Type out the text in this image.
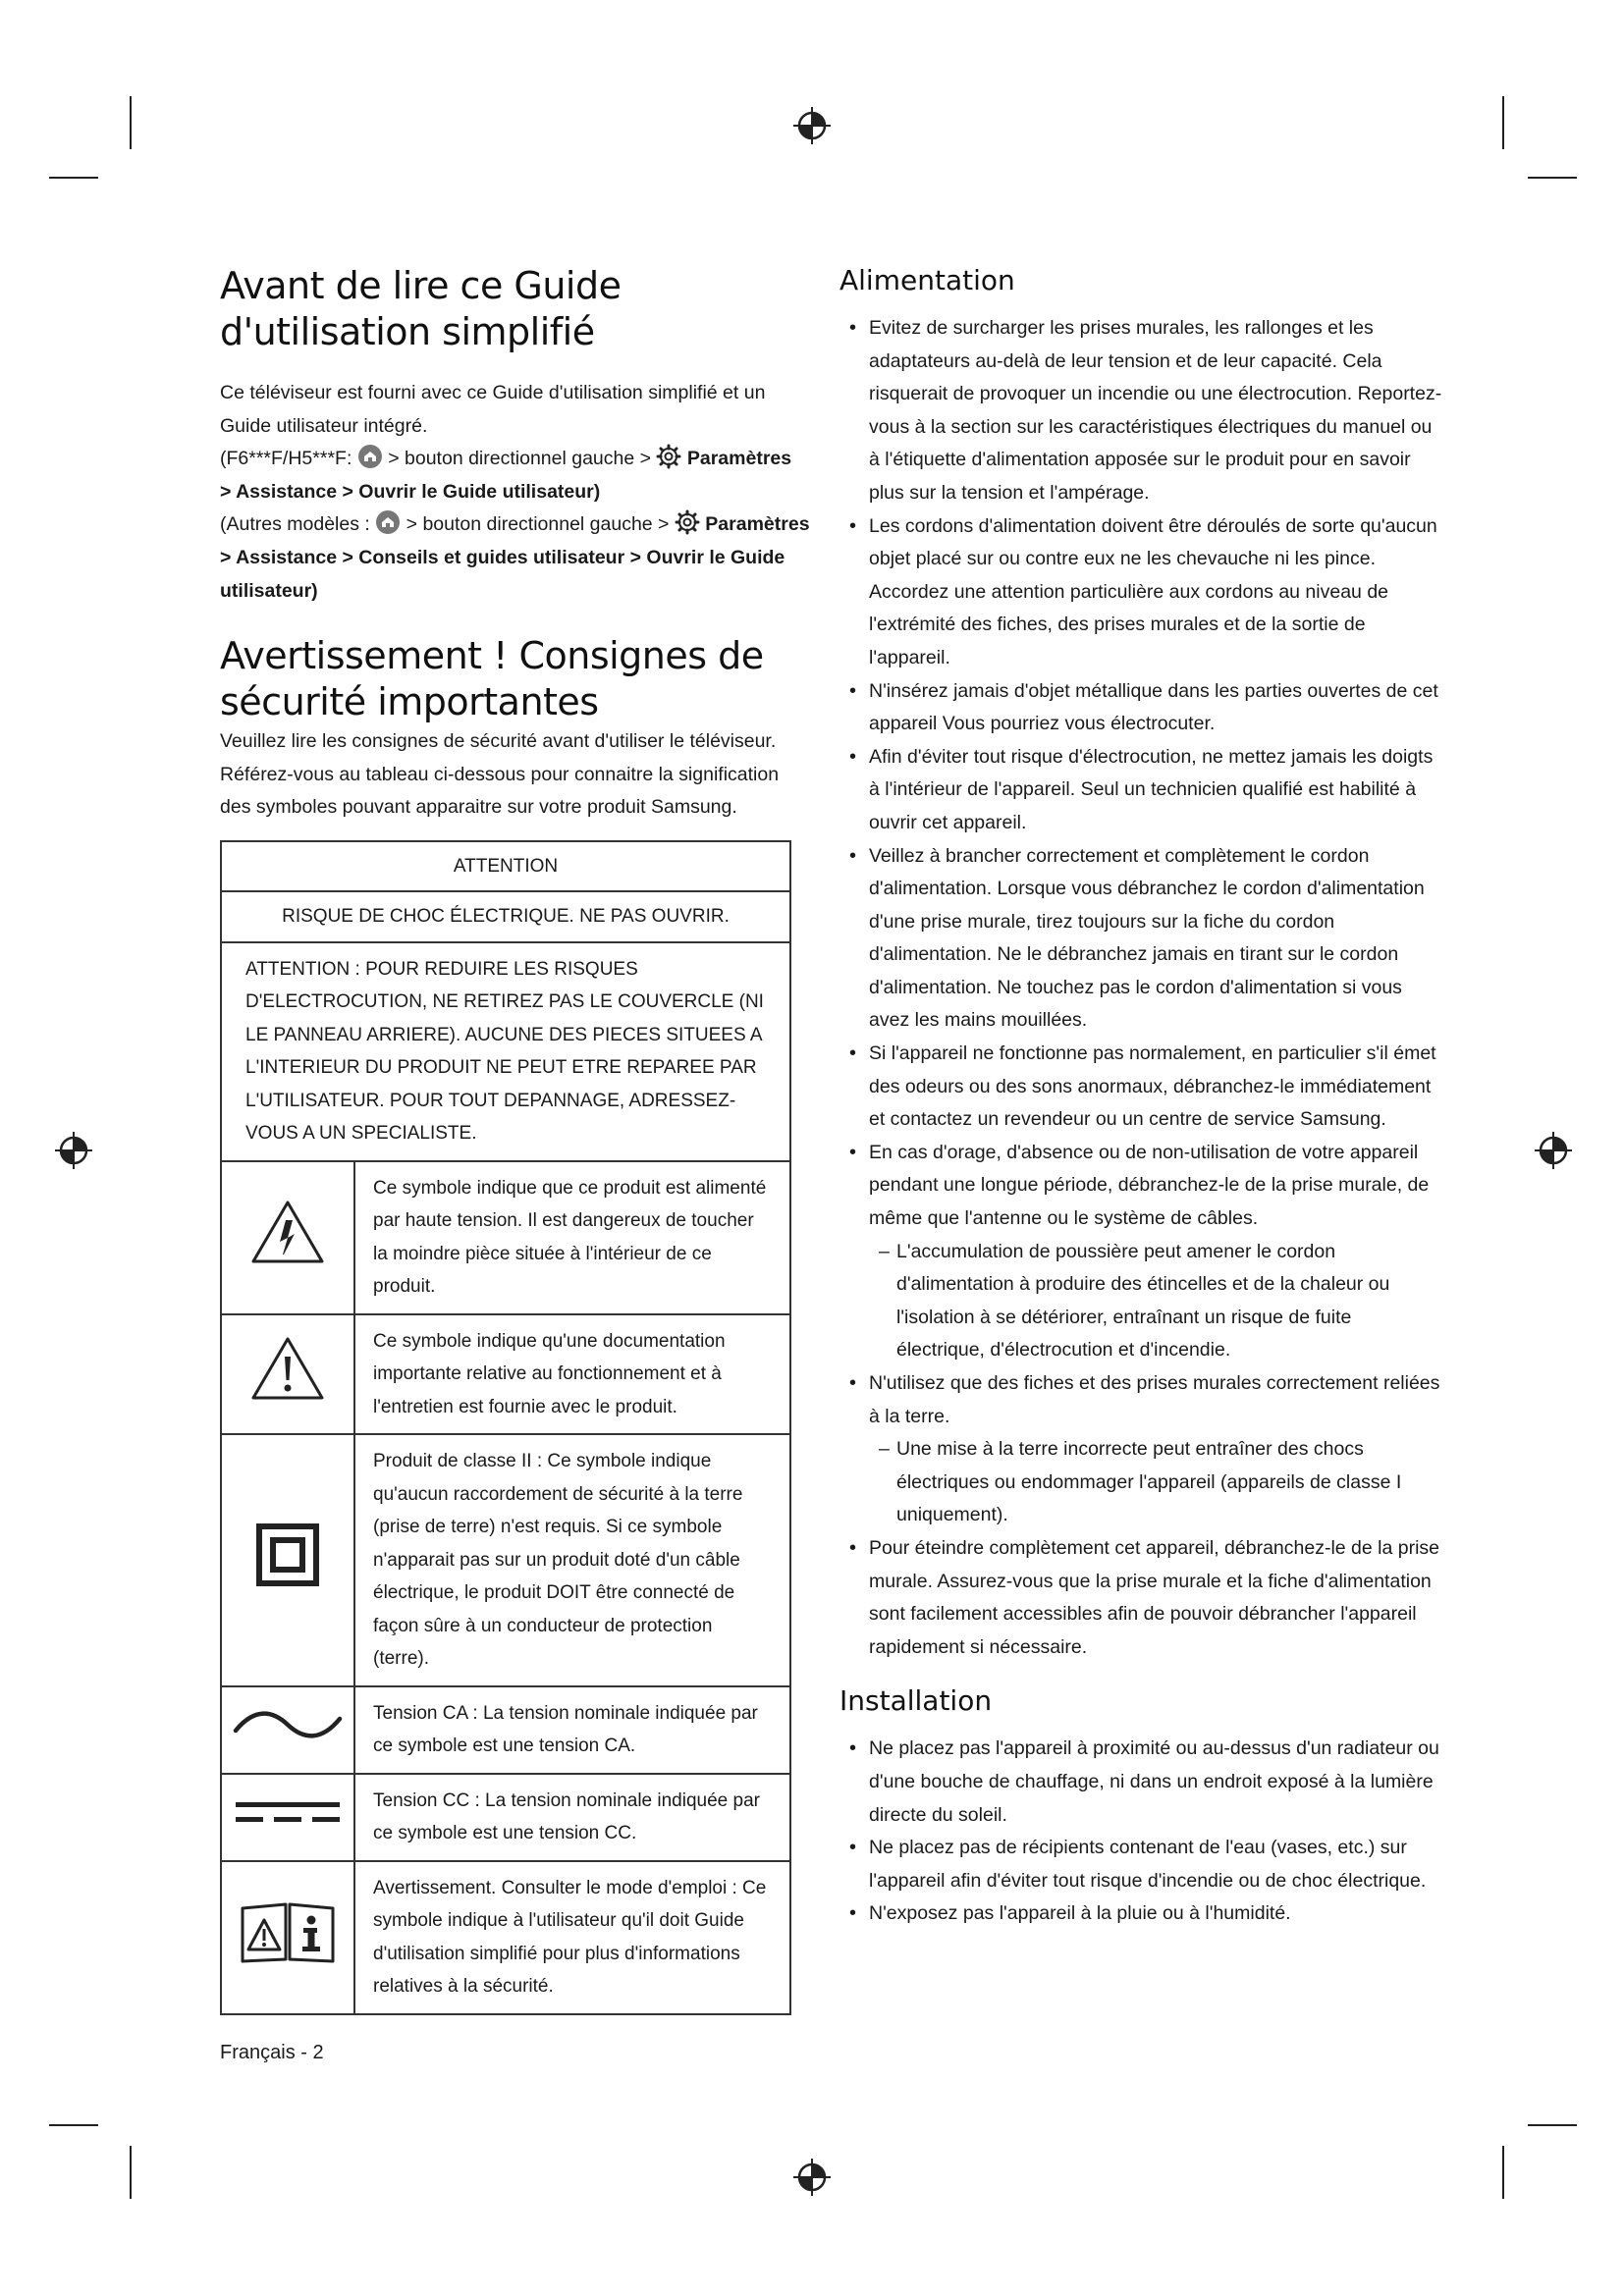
Avant de lire ce Guide d'utilisation simplifié
Ce téléviseur est fourni avec ce Guide d'utilisation simplifié et un
Guide utilisateur intégré.
(F6***F/H5***F:  > bouton directionnel gauche >  Paramètres
> Assistance > Ouvrir le Guide utilisateur)
(Autres modèles :  > bouton directionnel gauche >  Paramètres
> Assistance > Conseils et guides utilisateur > Ouvrir le Guide
utilisateur)
Avertissement ! Consignes de sécurité importantes

Veuillez lire les consignes de sécurité avant d'utiliser le téléviseur. Référez-vous au tableau ci-dessous pour connaitre la signification des symboles pouvant apparaitre sur votre produit Samsung.

ATTENTION	
RISQUE DE CHOC ÉLECTRIQUE. NE PAS OUVRIR.	
ATTENTION : POUR REDUIRE LES RISQUES D'ELECTROCUTION, NE RETIREZ PAS LE COUVERCLE (NI LE PANNEAU ARRIERE). AUCUNE DES PIECES SITUEES A L'INTERIEUR DU PRODUIT NE PEUT ETRE REPAREE PAR L'UTILISATEUR. POUR TOUT DEPANNAGE, ADRESSEZ-VOUS A UN SPECIALISTE.	
	Ce symbole indique que ce produit est alimenté par haute tension. Il est dangereux de toucher la moindre pièce située à l'intérieur de ce produit.
	Ce symbole indique qu'une documentation importante relative au fonctionnement et à l'entretien est fournie avec le produit.
	Produit de classe II : Ce symbole indique qu'aucun raccordement de sécurité à la terre (prise de terre) n'est requis. Si ce symbole n'apparait pas sur un produit doté d'un câble électrique, le produit DOIT être connecté de façon sûre à un conducteur de protection (terre).
	Tension CA : La tension nominale indiquée par ce symbole est une tension CA.
	Tension CC : La tension nominale indiquée par ce symbole est une tension CC.
	Avertissement. Consulter le mode d'emploi : Ce symbole indique à l'utilisateur qu'il doit Guide d'utilisation simplifié pour plus d'informations relatives à la sécurité.
Alimentation
• Evitez de surcharger les prises murales, les rallonges et les adaptateurs au-delà de leur tension et de leur capacité. Cela risquerait de provoquer un incendie ou une électrocution. Reportez-vous à la section sur les caractéristiques électriques du manuel ou à l'étiquette d'alimentation apposée sur le produit pour en savoir plus sur la tension et l'ampérage.
• Les cordons d'alimentation doivent être déroulés de sorte qu'aucun objet placé sur ou contre eux ne les chevauche ni les pince. Accordez une attention particulière aux cordons au niveau de l'extrémité des fiches, des prises murales et de la sortie de l'appareil.
• N'insérez jamais d'objet métallique dans les parties ouvertes de cet appareil Vous pourriez vous électrocuter.
• Afin d'éviter tout risque d'électrocution, ne mettez jamais les doigts à l'intérieur de l'appareil. Seul un technicien qualifié est habilité à ouvrir cet appareil.
• Veillez à brancher correctement et complètement le cordon d'alimentation. Lorsque vous débranchez le cordon d'alimentation d'une prise murale, tirez toujours sur la fiche du cordon d'alimentation. Ne le débranchez jamais en tirant sur le cordon d'alimentation. Ne touchez pas le cordon d'alimentation si vous avez les mains mouillées.
• Si l'appareil ne fonctionne pas normalement, en particulier s'il émet des odeurs ou des sons anormaux, débranchez-le immédiatement et contactez un revendeur ou un centre de service Samsung.
• En cas d'orage, d'absence ou de non-utilisation de votre appareil pendant une longue période, débranchez-le de la prise murale, de même que l'antenne ou le système de câbles.
– L'accumulation de poussière peut amener le cordon d'alimentation à produire des étincelles et de la chaleur ou l'isolation à se détériorer, entraînant un risque de fuite électrique, d'électrocution et d'incendie.
• N'utilisez que des fiches et des prises murales correctement reliées à la terre.
– Une mise à la terre incorrecte peut entraîner des chocs électriques ou endommager l'appareil (appareils de classe I uniquement).
• Pour éteindre complètement cet appareil, débranchez-le de la prise murale. Assurez-vous que la prise murale et la fiche d'alimentation sont facilement accessibles afin de pouvoir débrancher l'appareil rapidement si nécessaire.
Installation
• Ne placez pas l'appareil à proximité ou au-dessus d'un radiateur ou d'une bouche de chauffage, ni dans un endroit exposé à la lumière directe du soleil.
• Ne placez pas de récipients contenant de l'eau (vases, etc.) sur l'appareil afin d'éviter tout risque d'incendie ou de choc électrique.
• N'exposez pas l'appareil à la pluie ou à l'humidité.
Français - 2
